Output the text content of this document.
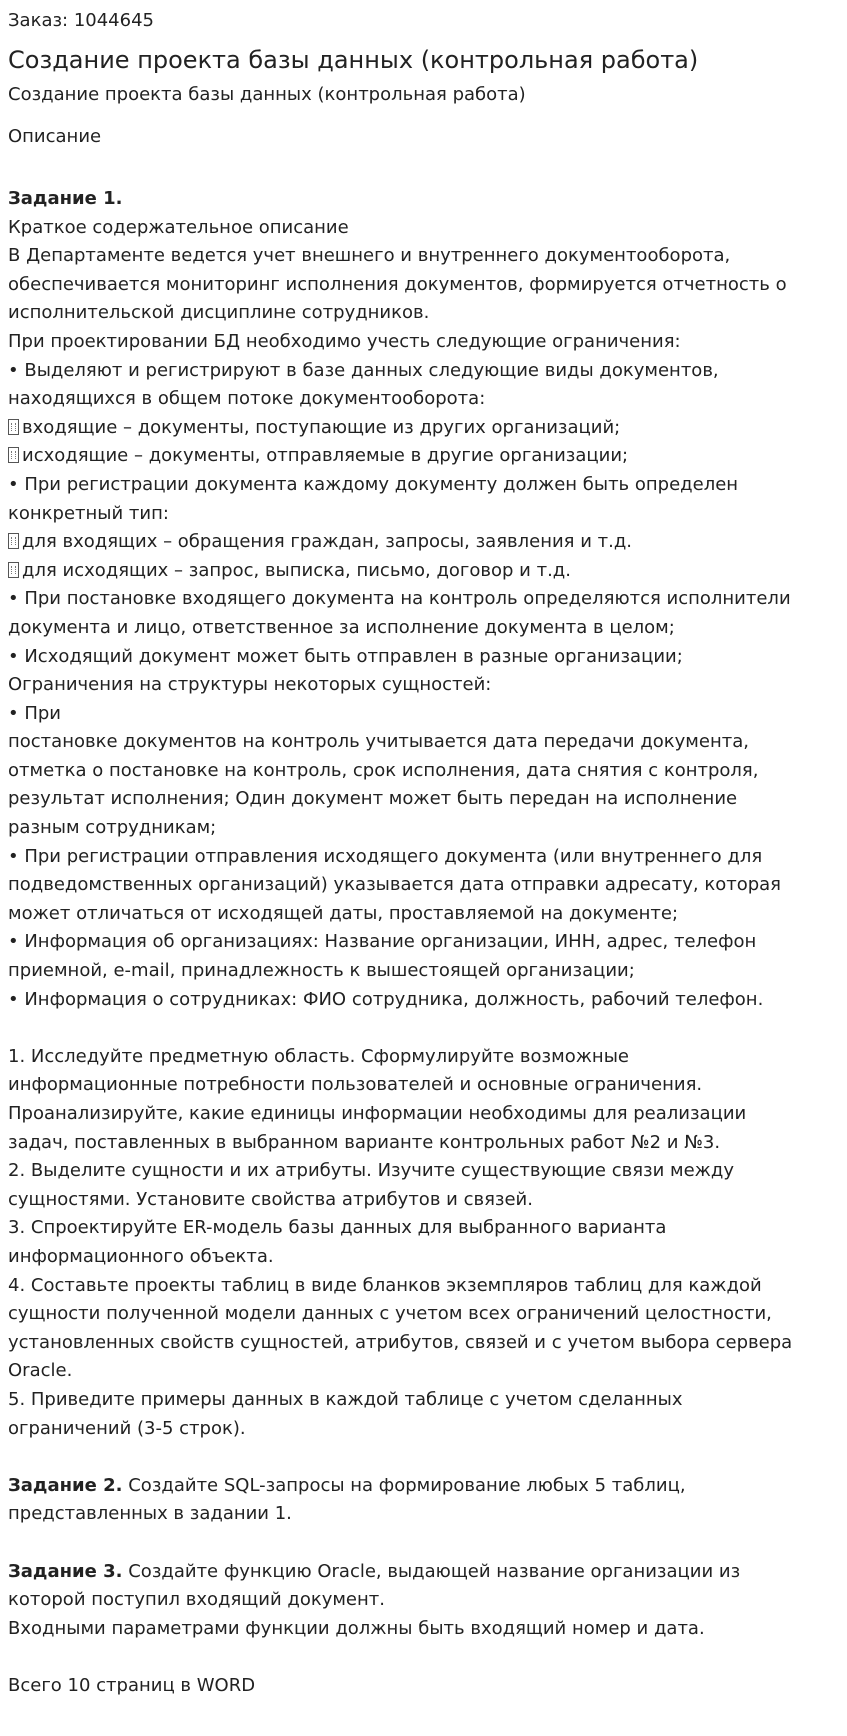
Заказ: 1044645
Создание проекта базы данных (контрольная работа)
Создание проекта базы данных (контрольная работа)
Описание
Задание 1.
Краткое содержательное описание
В Департаменте ведется учет внешнего и внутреннего документооборота,
обеспечивается мониторинг исполнения документов, формируется отчетность о
исполнительской дисциплине сотрудников.
При проектировании БД необходимо учесть следующие ограничения:
• Выделяют и регистрируют в базе данных следующие виды документов,
находящихся в общем потоке документооборота:
входящие – документы, поступающие из других организаций;
исходящие – документы, отправляемые в другие организации;
• При регистрации документа каждому документу должен быть определен
конкретный тип:
для входящих – обращения граждан, запросы, заявления и т.д.
для исходящих – запрос, выписка, письмо, договор и т.д.
• При постановке входящего документа на контроль определяются исполнители
документа и лицо, ответственное за исполнение документа в целом;
• Исходящий документ может быть отправлен в разные организации;
Ограничения на структуры некоторых сущностей:
• При
постановке документов на контроль учитывается дата передачи документа,
отметка о постановке на контроль, срок исполнения, дата снятия с контроля,
результат исполнения; Один документ может быть передан на исполнение
разным сотрудникам;
• При регистрации отправления исходящего документа (или внутреннего для
подведомственных организаций) указывается дата отправки адресату, которая
может отличаться от исходящей даты, проставляемой на документе;
• Информация об организациях: Название организации, ИНН, адрес, телефон
приемной, e-mail, принадлежность к вышестоящей организации;
• Информация о сотрудниках: ФИО сотрудника, должность, рабочий телефон.
1. Исследуйте предметную область. Сформулируйте возможные
информационные потребности пользователей и основные ограничения.
Проанализируйте, какие единицы информации необходимы для реализации
задач, поставленных в выбранном варианте контрольных работ №2 и №3.
2. Выделите сущности и их атрибуты. Изучите существующие связи между
сущностями. Установите свойства атрибутов и связей.
3. Спроектируйте ER-модель базы данных для выбранного варианта
информационного объекта.
4. Составьте проекты таблиц в виде бланков экземпляров таблиц для каждой
сущности полученной модели данных с учетом всех ограничений целостности,
установленных свойств сущностей, атрибутов, связей и с учетом выбора сервера
Oracle.
5. Приведите примеры данных в каждой таблице с учетом сделанных
ограничений (3-5 строк).
Задание 2. Создайте SQL-запросы на формирование любых 5 таблиц,
представленных в задании 1.
Задание 3. Создайте функцию Oracle, выдающей название организации из
которой поступил входящий документ.
Входными параметрами функции должны быть входящий номер и дата.
Всего 10 страниц в WORD
